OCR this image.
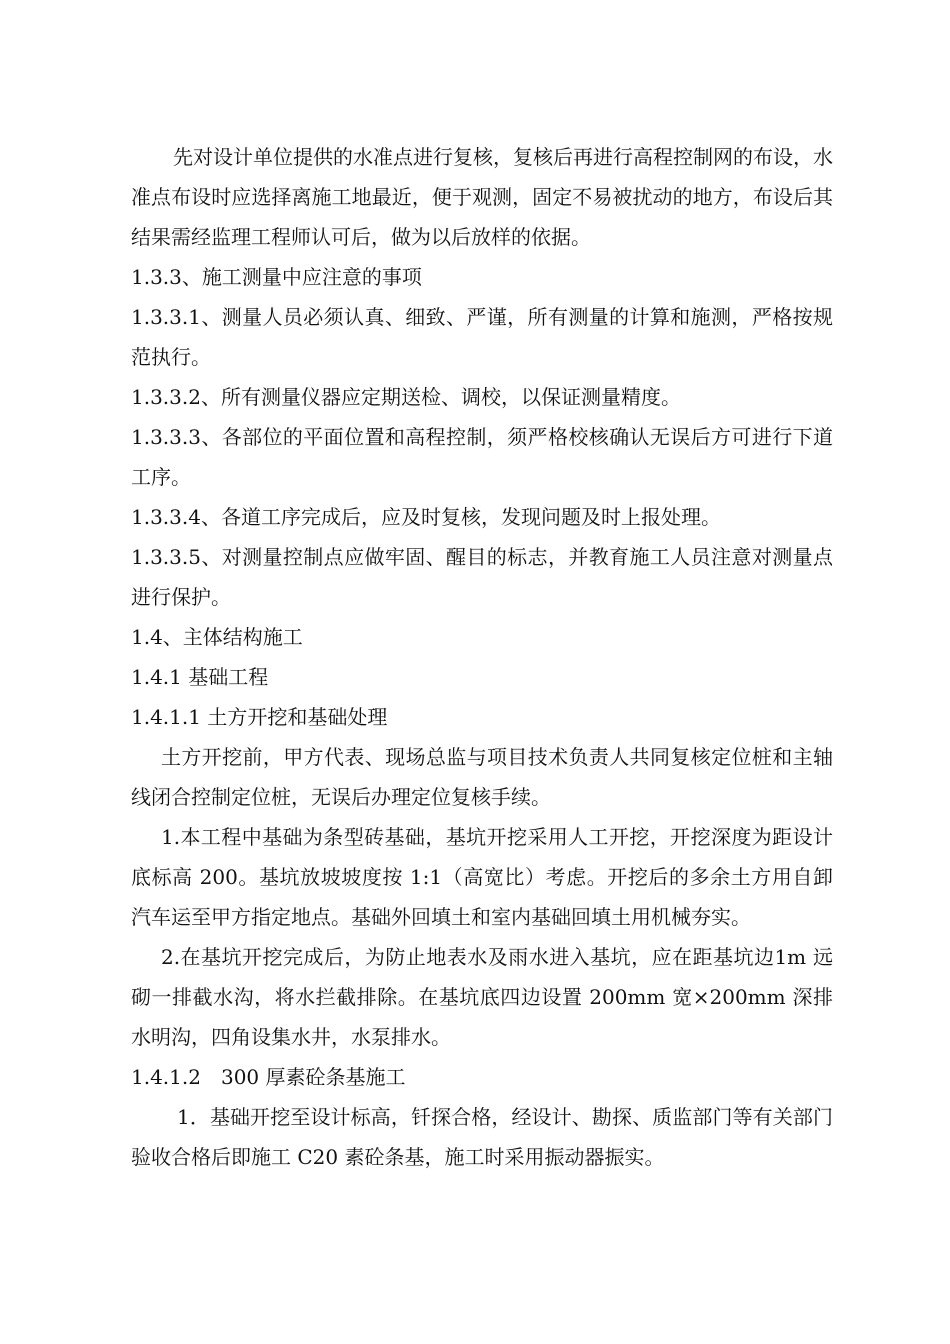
先对设计单位提供的水准点进行复核，复核后再进行高程控制网的布设，水准点布设时应选择离施工地最近，便于观测，固定不易被扰动的地方，布设后其结果需经监理工程师认可后，做为以后放样的依据。

1.3.3、施工测量中应注意的事项

1.3.3.1、测量人员必须认真、细致、严谨，所有测量的计算和施测，严格按规范执行。

1.3.3.2、所有测量仪器应定期送检、调校，以保证测量精度。

1.3.3.3、各部位的平面位置和高程控制，须严格校核确认无误后方可进行下道工序。

1.3.3.4、各道工序完成后，应及时复核，发现问题及时上报处理。

1.3.3.5、对测量控制点应做牢固、醒目的标志，并教育施工人员注意对测量点进行保护。

1.4、主体结构施工

1.4.1 基础工程

1.4.1.1 土方开挖和基础处理

土方开挖前，甲方代表、现场总监与项目技术负责人共同复核定位桩和主轴线闭合控制定位桩，无误后办理定位复核手续。

1.本工程中基础为条型砖基础，基坑开挖采用人工开挖，开挖深度为距设计底标高 200。基坑放坡坡度按 1:1（高宽比）考虑。开挖后的多余土方用自卸汽车运至甲方指定地点。基础外回填土和室内基础回填土用机械夯实。

2.在基坑开挖完成后，为防止地表水及雨水进入基坑，应在距基坑边1m 远砌一排截水沟，将水拦截排除。在基坑底四边设置 200mm 宽×200mm 深排水明沟，四角设集水井，水泵排水。

1.4.1.2　300 厚素砼条基施工

1．基础开挖至设计标高，钎探合格，经设计、勘探、质监部门等有关部门验收合格后即施工 C20 素砼条基，施工时采用振动器振实。
